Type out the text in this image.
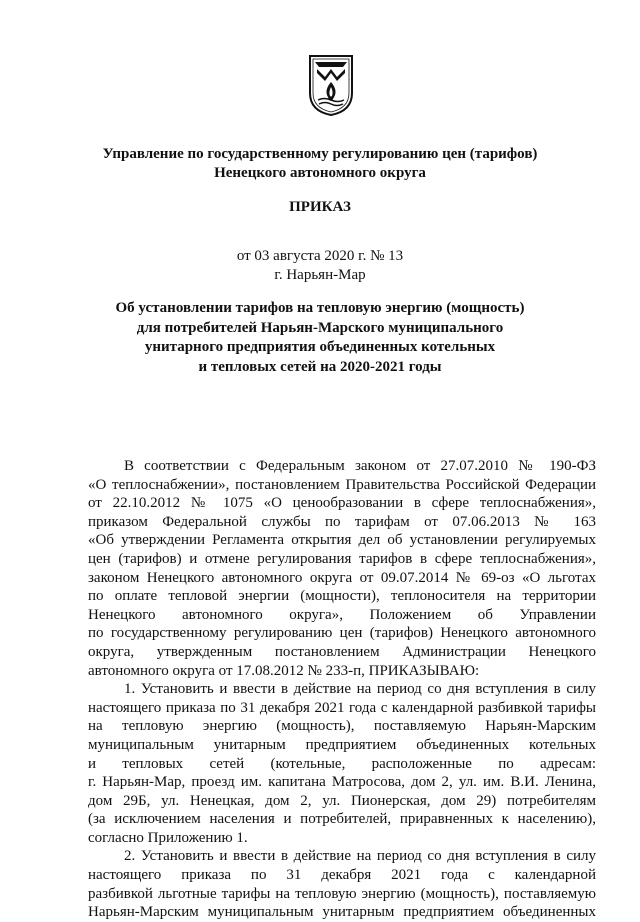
Управление по государственному регулированию цен (тарифов)
Ненецкого автономного округа
ПРИКАЗ
от 03 августа 2020 г. № 13
г. Нарьян-Мар
Об установлении тарифов на тепловую энергию (мощность)
для потребителей Нарьян-Марского муниципального
унитарного предприятия объединенных котельных
и тепловых сетей на 2020-2021 годы
В соответствии с Федеральным законом от 27.07.2010 № 190-ФЗ
«О теплоснабжении», постановлением Правительства Российской Федерации
от 22.10.2012 № 1075 «О ценообразовании в сфере теплоснабжения»,
приказом Федеральной службы по тарифам от 07.06.2013 № 163
«Об утверждении Регламента открытия дел об установлении регулируемых
цен (тарифов) и отмене регулирования тарифов в сфере теплоснабжения»,
законом Ненецкого автономного округа от 09.07.2014 № 69-оз «О льготах
по оплате тепловой энергии (мощности), теплоносителя на территории
Ненецкого автономного округа», Положением об Управлении
по государственному регулированию цен (тарифов) Ненецкого автономного
округа, утвержденным постановлением Администрации Ненецкого
автономного округа от 17.08.2012 № 233-п, ПРИКАЗЫВАЮ:
1. Установить и ввести в действие на период со дня вступления в силу
настоящего приказа по 31 декабря 2021 года с календарной разбивкой тарифы
на тепловую энергию (мощность), поставляемую Нарьян-Марским
муниципальным унитарным предприятием объединенных котельных
и тепловых сетей (котельные, расположенные по адресам:
г. Нарьян-Мар, проезд им. капитана Матросова, дом 2, ул. им. В.И. Ленина,
дом 29Б, ул. Ненецкая, дом 2, ул. Пионерская, дом 29) потребителям
(за исключением населения и потребителей, приравненных к населению),
согласно Приложению 1.
2. Установить и ввести в действие на период со дня вступления в силу
настоящего приказа по 31 декабря 2021 года с календарной
разбивкой льготные тарифы на тепловую энергию (мощность), поставляемую
Нарьян-Марским муниципальным унитарным предприятием объединенных
